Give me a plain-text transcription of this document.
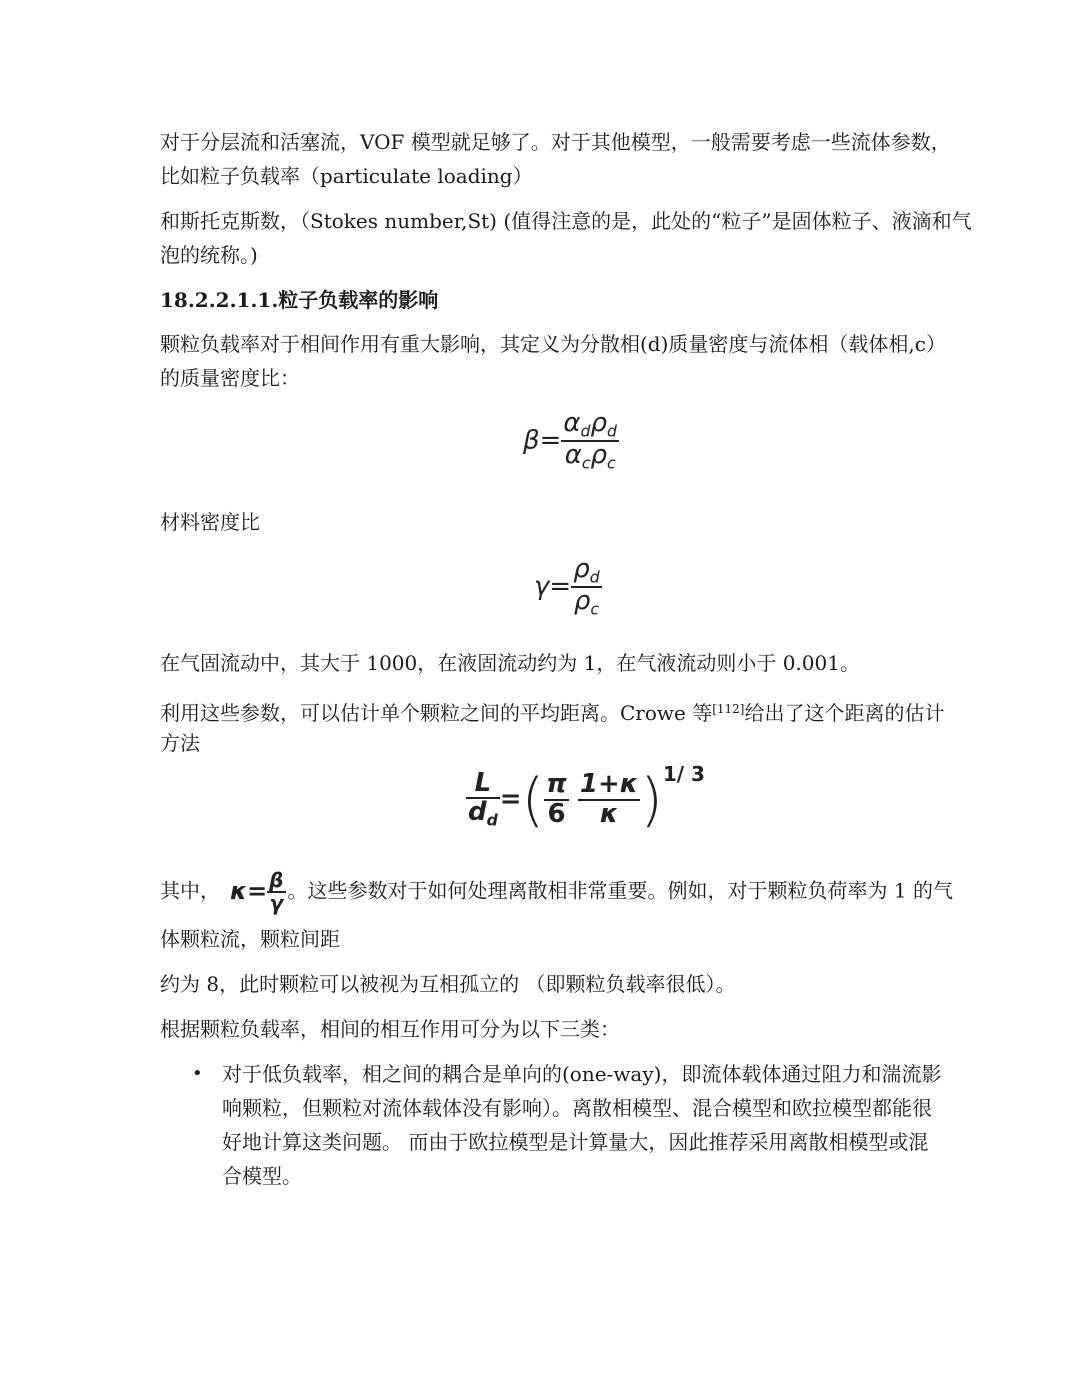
对于分层流和活塞流，VOF 模型就足够了。对于其他模型，一般需要考虑一些流体参数，

比如粒子负载率（particulate loading）

和斯托克斯数，（Stokes number,St) (值得注意的是，此处的“粒子”是固体粒子、液滴和气

泡的统称。)

18.2.2.1.1.粒子负载率的影响

颗粒负载率对于相间作用有重大影响，其定义为分散相(d)质量密度与流体相（载体相,c）

的质量密度比：

$\beta= \frac{\alpha_d\rho_d}{\alpha_c\rho_c}$

材料密度比

$\gamma= \frac{\rho_d}{\rho_c}$

在气固流动中，其大于 1000，在液固流动约为 1，在气液流动则小于 0.001。

利用这些参数，可以估计单个颗粒之间的平均距离。Crowe 等[112]给出了这个距离的估计

方法

$\frac{L}{d_d}$ =( $\frac{\pi}{6}$
$\frac{1+\kappa}{\kappa} )^{1/ 3}$
其中， $\kappa= \frac{\beta}{\gamma}$ 。这些参数对于如何处理离散相非常重要。例如，对于颗粒负荷率为 1 的气

体颗粒流，颗粒间距

约为 8，此时颗粒可以被视为互相孤立的 （即颗粒负载率很低）。

根据颗粒负载率，相间的相互作用可分为以下三类：

• 对于低负载率，相之间的耦合是单向的(one-way)，即流体载体通过阻力和湍流影

响颗粒，但颗粒对流体载体没有影响）。离散相模型、混合模型和欧拉模型都能很

好地计算这类问题。 而由于欧拉模型是计算量大，因此推荐采用离散相模型或混

合模型。
